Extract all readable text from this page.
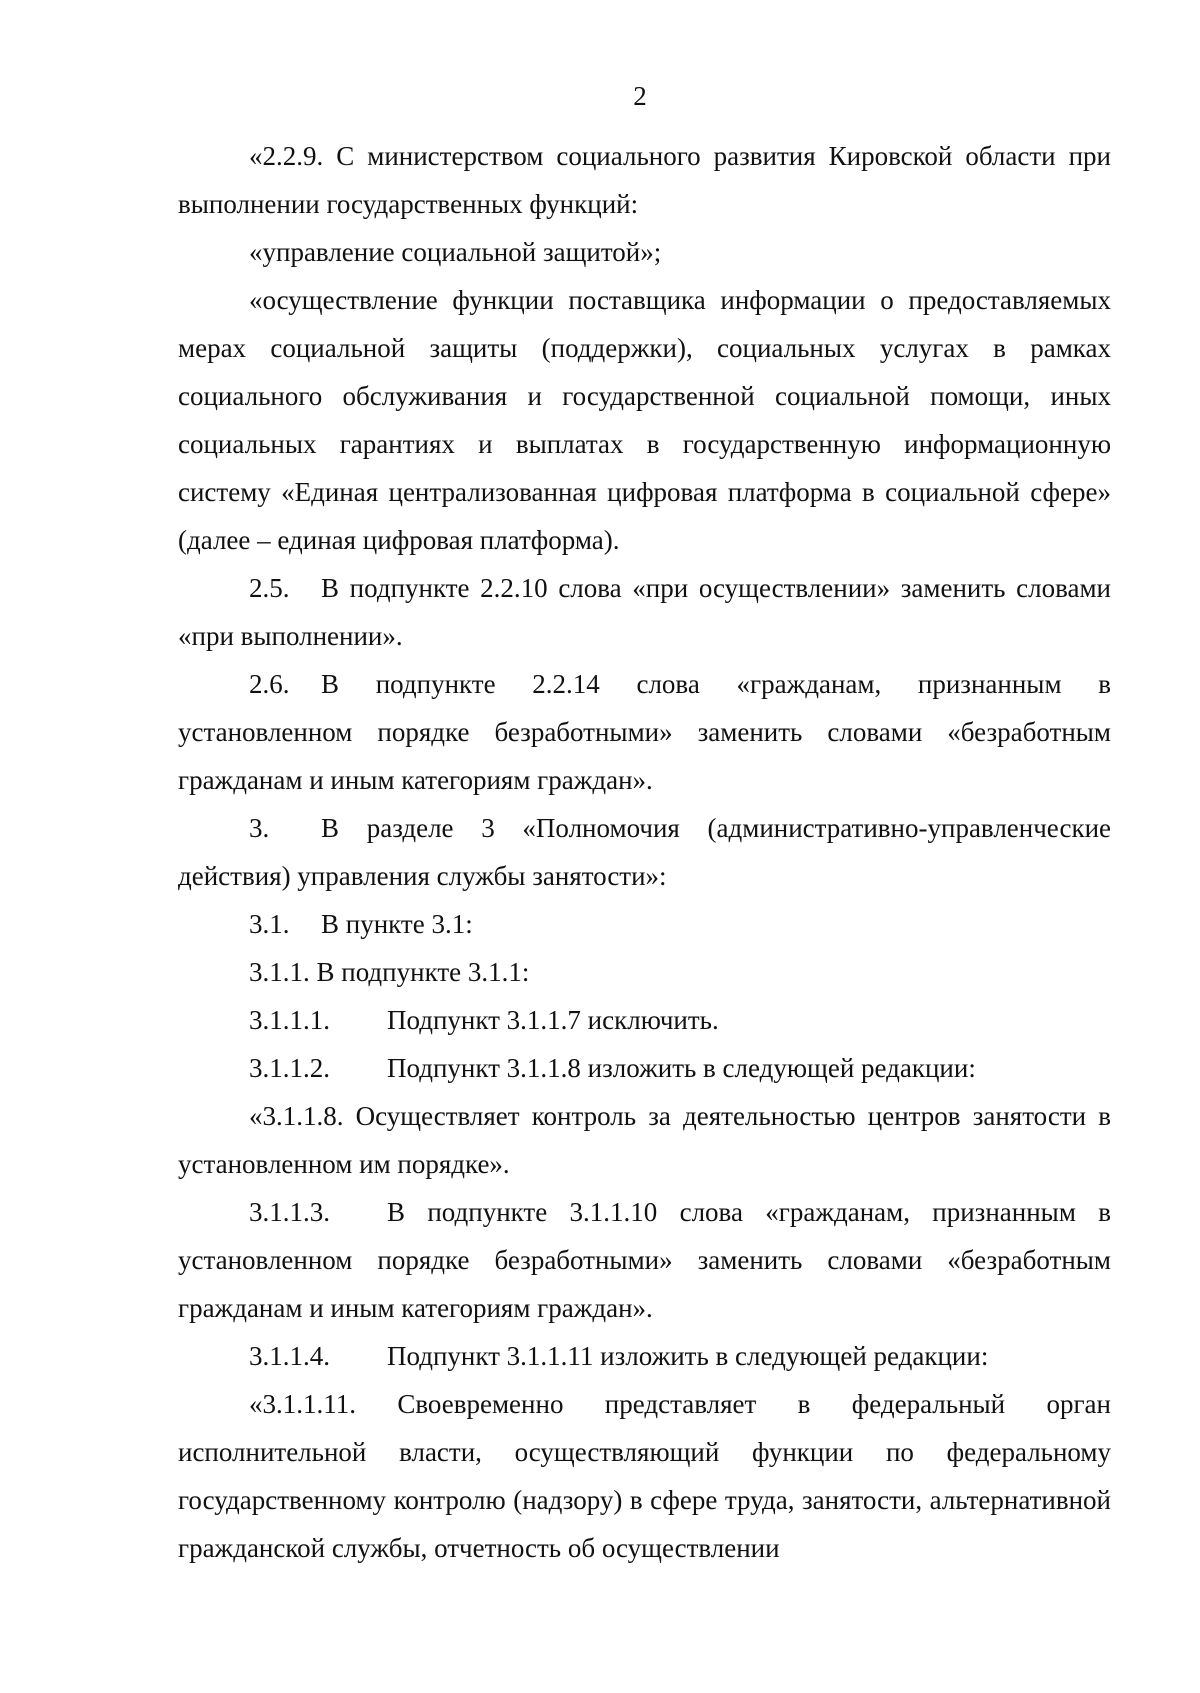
2

«2.2.9. С министерством социального развития Кировской области при выполнении государственных функций:

«управление социальной защитой»;

«осуществление функции поставщика информации о предоставляемых мерах социальной защиты (поддержки), социальных услугах в рамках социального обслуживания и государственной социальной помощи, иных социальных гарантиях и выплатах в государственную информационную систему «Единая централизованная цифровая платформа в социальной сфере» (далее – единая цифровая платформа).

2.5. В подпункте 2.2.10 слова «при осуществлении» заменить словами «при выполнении».

2.6. В подпункте 2.2.14 слова «гражданам, признанным в установленном порядке безработными» заменить словами «безработным гражданам и иным категориям граждан».

3. В разделе 3 «Полномочия (административно-управленческие действия) управления службы занятости»:

3.1. В пункте 3.1:

3.1.1. В подпункте 3.1.1:

3.1.1.1. Подпункт 3.1.1.7 исключить.

3.1.1.2. Подпункт 3.1.1.8 изложить в следующей редакции:

«3.1.1.8. Осуществляет контроль за деятельностью центров занятости в установленном им порядке».

3.1.1.3. В подпункте 3.1.1.10 слова «гражданам, признанным в установленном порядке безработными» заменить словами «безработным гражданам и иным категориям граждан».

3.1.1.4. Подпункт 3.1.1.11 изложить в следующей редакции:

«3.1.1.11. Своевременно представляет в федеральный орган исполнительной власти, осуществляющий функции по федеральному государственному контролю (надзору) в сфере труда, занятости, альтернативной гражданской службы, отчетность об осуществлении
